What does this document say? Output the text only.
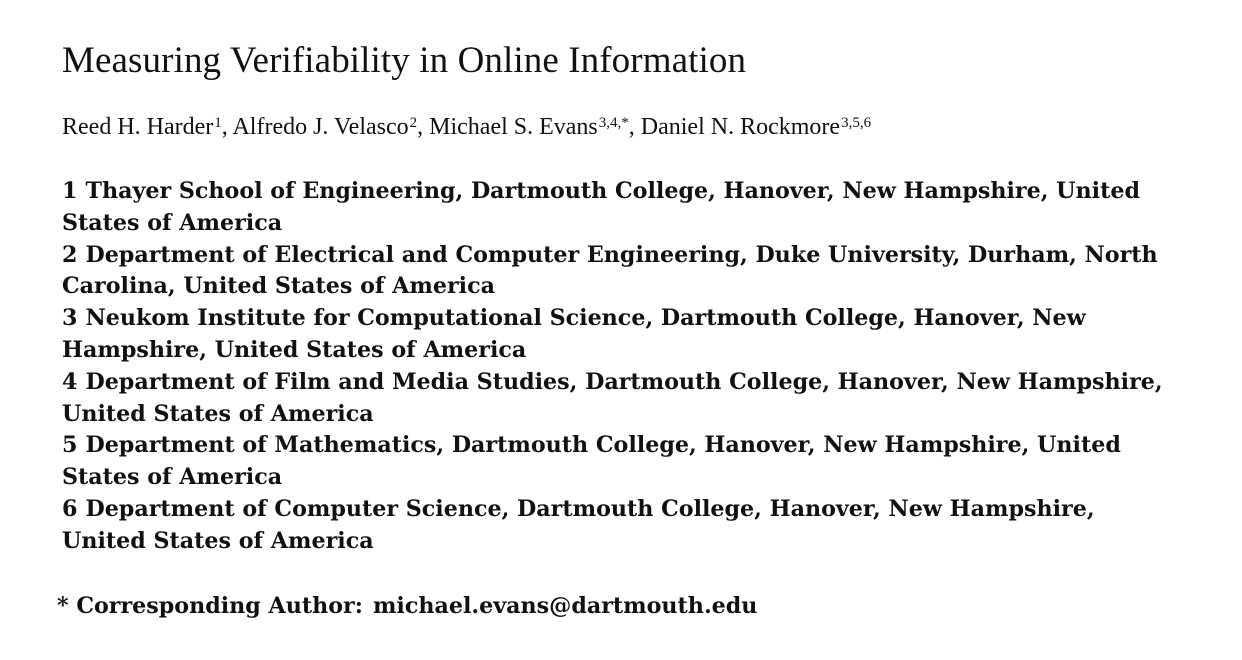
Measuring Verifiability in Online Information
Reed H. Harder$^1$, Alfredo J. Velasco$^2$, Michael S. Evans$^{3,4,*}$, Daniel N. Rockmore$^{3,5,6}$
1 Thayer School of Engineering, Dartmouth College, Hanover, New Hampshire, United States of America
2 Department of Electrical and Computer Engineering, Duke University, Durham, North Carolina, United States of America
3 Neukom Institute for Computational Science, Dartmouth College, Hanover, New Hampshire, United States of America
4 Department of Film and Media Studies, Dartmouth College, Hanover, New Hampshire, United States of America
5 Department of Mathematics, Dartmouth College, Hanover, New Hampshire, United States of America
6 Department of Computer Science, Dartmouth College, Hanover, New Hampshire, United States of America
* Corresponding Author: michael.evans@dartmouth.edu
